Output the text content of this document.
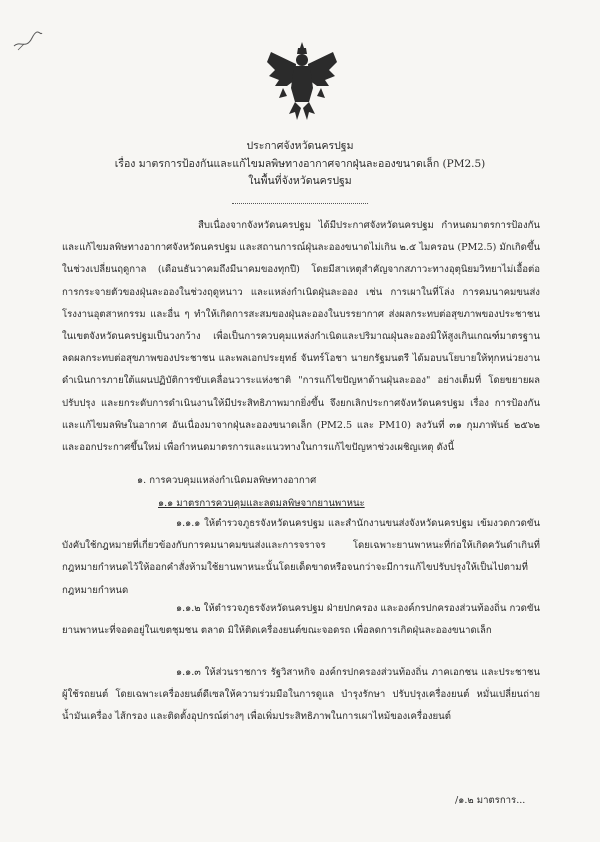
ประกาศจังหวัดนครปฐม
เรื่อง มาตรการป้องกันและแก้ไขมลพิษทางอากาศจากฝุ่นละอองขนาดเล็ก (PM2.5)
ในพื้นที่จังหวัดนครปฐม
สืบเนื่องจากจังหวัดนครปฐม ได้มีประกาศจังหวัดนครปฐม กำหนดมาตรการป้องกันและแก้ไขมลพิษทางอากาศจังหวัดนครปฐม และสถานการณ์ฝุ่นละอองขนาดไม่เกิน ๒.๕ ไมครอน (PM2.5) มักเกิดขึ้นในช่วงเปลี่ยนฤดูกาล (เดือนธันวาคมถึงมีนาคมของทุกปี) โดยมีสาเหตุสำคัญจากสภาวะทางอุตุนิยมวิทยาไม่เอื้อต่อการกระจายตัวของฝุ่นละอองในช่วงฤดูหนาว และแหล่งกำเนิดฝุ่นละออง เช่น การเผาในที่โล่ง การคมนาคมขนส่ง โรงงานอุตสาหกรรม และอื่น ๆ ทำให้เกิดการสะสมของฝุ่นละอองในบรรยากาศ ส่งผลกระทบต่อสุขภาพของประชาชนในเขตจังหวัดนครปฐมเป็นวงกว้าง เพื่อเป็นการควบคุมแหล่งกำเนิดและปริมาณฝุ่นละอองมิให้สูงเกินเกณฑ์มาตรฐาน ลดผลกระทบต่อสุขภาพของประชาชน และพลเอกประยุทธ์ จันทร์โอชา นายกรัฐมนตรี ได้มอบนโยบายให้ทุกหน่วยงานดำเนินการภายใต้แผนปฏิบัติการขับเคลื่อนวาระแห่งชาติ "การแก้ไขปัญหาด้านฝุ่นละออง" อย่างเต็มที่ โดยขยายผล ปรับปรุง และยกระดับการดำเนินงานให้มีประสิทธิภาพมากยิ่งขึ้น จึงยกเลิกประกาศจังหวัดนครปฐม เรื่อง การป้องกันและแก้ไขมลพิษในอากาศ อันเนื่องมาจากฝุ่นละอองขนาดเล็ก (PM2.5 และ PM10) ลงวันที่ ๓๑ กุมภาพันธ์ ๒๕๖๒ และออกประกาศขึ้นใหม่ เพื่อกำหนดมาตรการและแนวทางในการแก้ไขปัญหาช่วงเผชิญเหตุ ดังนี้
๑. การควบคุมแหล่งกำเนิดมลพิษทางอากาศ
๑.๑ มาตรการควบคุมและลดมลพิษจากยานพาหนะ
๑.๑.๑ ให้ตำรวจภูธรจังหวัดนครปฐม และสำนักงานขนส่งจังหวัดนครปฐม เข้มงวดกวดขัน บังคับใช้กฎหมายที่เกี่ยวข้องกับการคมนาคมขนส่งและการจราจร โดยเฉพาะยานพาหนะที่ก่อให้เกิดควันดำเกินที่กฎหมายกำหนดไว้ให้ออกคำสั่งห้ามใช้ยานพาหนะนั้นโดยเด็ดขาดหรือจนกว่าจะมีการแก้ไขปรับปรุงให้เป็นไปตามที่กฎหมายกำหนด
๑.๑.๒ ให้ตำรวจภูธรจังหวัดนครปฐม ฝ่ายปกครอง และองค์กรปกครองส่วนท้องถิ่น กวดขันยานพาหนะที่จอดอยู่ในเขตชุมชน ตลาด มิให้ติดเครื่องยนต์ขณะจอดรถ เพื่อลดการเกิดฝุ่นละอองขนาดเล็ก
๑.๑.๓ ให้ส่วนราชการ รัฐวิสาหกิจ องค์กรปกครองส่วนท้องถิ่น ภาคเอกชน และประชาชนผู้ใช้รถยนต์ โดยเฉพาะเครื่องยนต์ดีเซลให้ความร่วมมือในการดูแล บำรุงรักษา ปรับปรุงเครื่องยนต์ หมั่นเปลี่ยนถ่ายน้ำมันเครื่อง ไส้กรอง และติดตั้งอุปกรณ์ต่างๆ เพื่อเพิ่มประสิทธิภาพในการเผาไหม้ของเครื่องยนต์
/๑.๒ มาตรการ...
